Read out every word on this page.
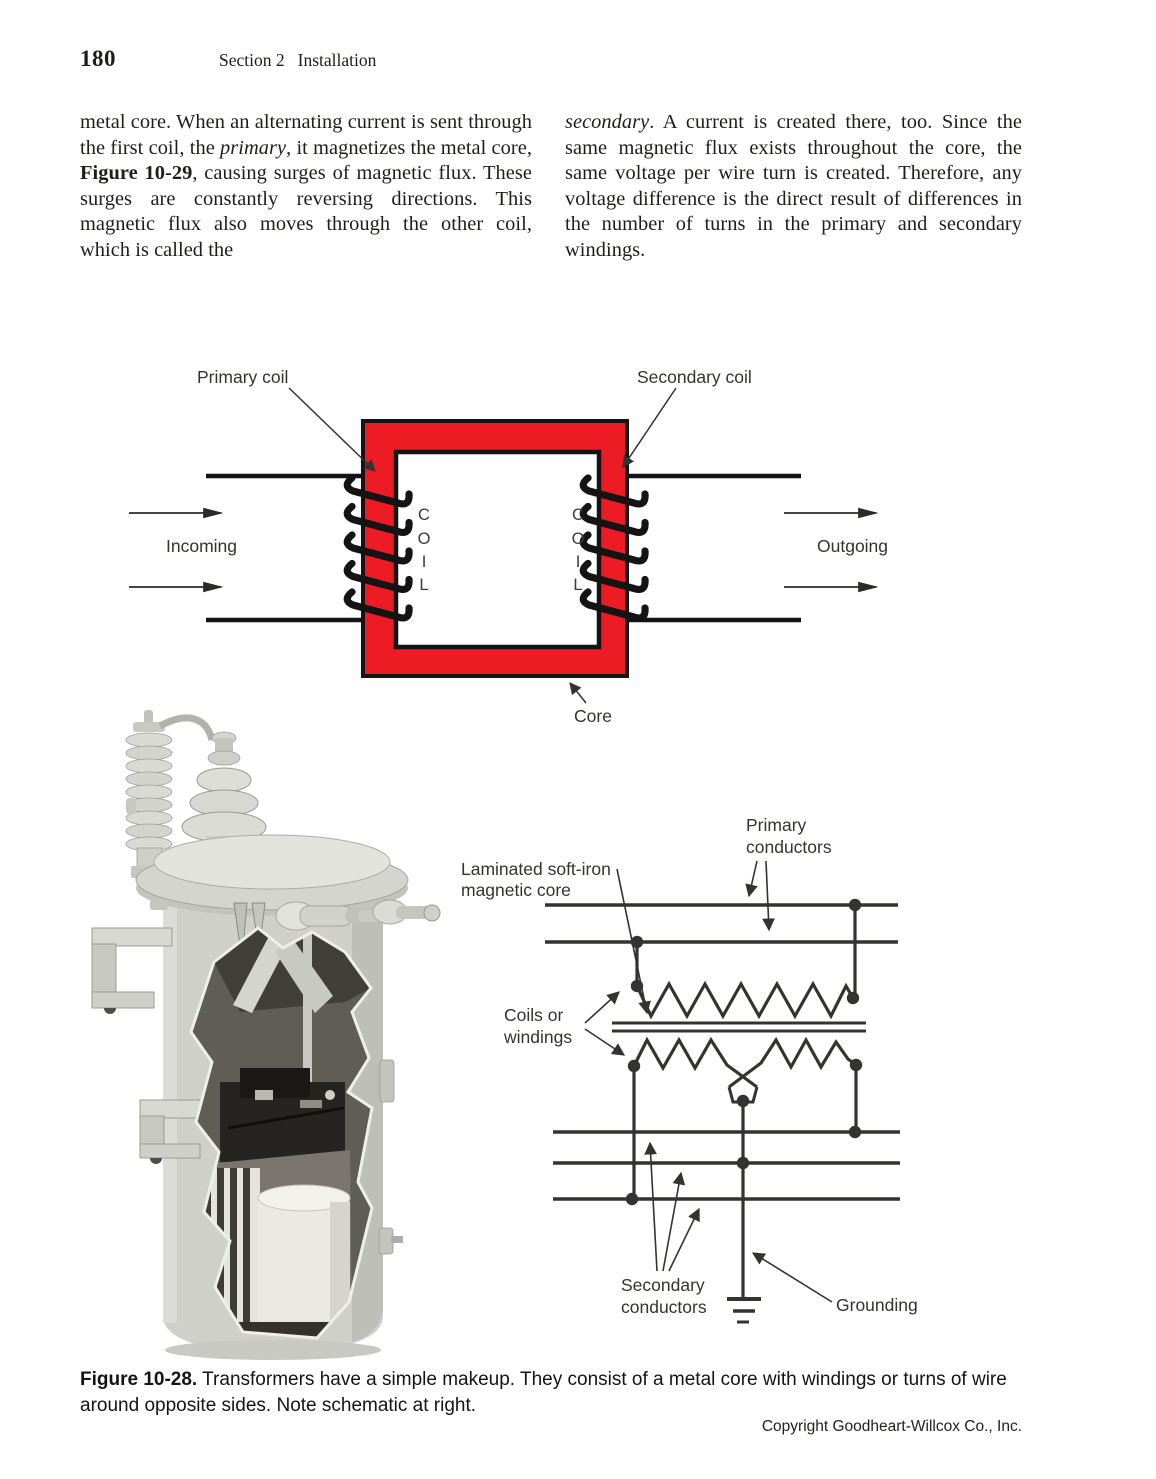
180	Section 2 Installation
metal core. When an alternating current is sent through the first coil, the primary, it magnetizes the metal core, Figure 10-29, causing surges of magnetic flux. These surges are constantly reversing directions. This magnetic flux also moves through the other coil, which is called the
secondary. A current is created there, too. Since the same magnetic flux exists throughout the core, the same voltage per wire turn is created. Therefore, any voltage difference is the direct result of differences in the number of turns in the primary and secondary windings.
C
O
I
L
C
O
I
L
Primary coil	Secondary coil
Incoming	Outgoing
Core
Laminated soft-iron
magnetic core
Primary
conductors
Coils or
windings
Secondary
conductors	Grounding
Figure 10-28. Transformers have a simple makeup. They consist of a metal core with windings or turns of wire around opposite sides. Note schematic at right.
Copyright Goodheart-Willcox Co., Inc.
